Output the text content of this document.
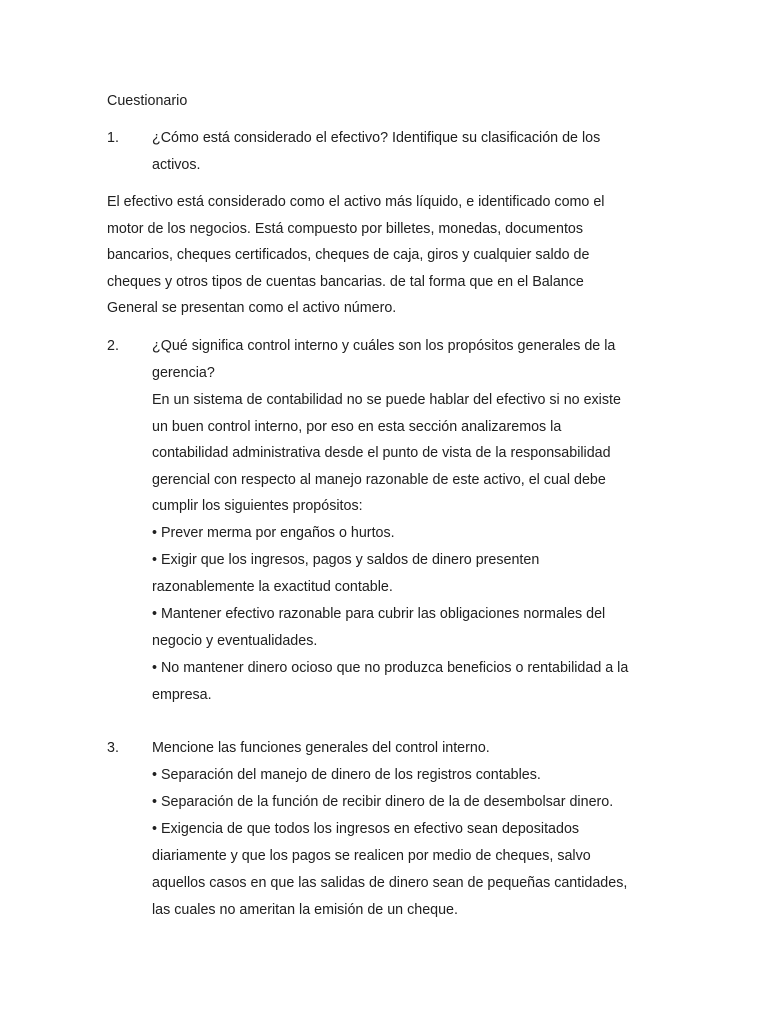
Cuestionario
1. ¿Cómo está considerado el efectivo? Identifique su clasificación de los
activos.
El efectivo está considerado como el activo más líquido, e identificado como el
motor de los negocios. Está compuesto por billetes, monedas, documentos
bancarios, cheques certificados, cheques de caja, giros y cualquier saldo de
cheques y otros tipos de cuentas bancarias. de tal forma que en el Balance
General se presentan como el activo número.
2. ¿Qué significa control interno y cuáles son los propósitos generales de la
gerencia?
En un sistema de contabilidad no se puede hablar del efectivo si no existe
un buen control interno, por eso en esta sección analizaremos la
contabilidad administrativa desde el punto de vista de la responsabilidad
gerencial con respecto al manejo razonable de este activo, el cual debe
cumplir los siguientes propósitos:
• Prever merma por engaños o hurtos.
• Exigir que los ingresos, pagos y saldos de dinero presenten
razonablemente la exactitud contable.
• Mantener efectivo razonable para cubrir las obligaciones normales del
negocio y eventualidades.
• No mantener dinero ocioso que no produzca beneficios o rentabilidad a la
empresa.
3. Mencione las funciones generales del control interno.
• Separación del manejo de dinero de los registros contables.
• Separación de la función de recibir dinero de la de desembolsar dinero.
• Exigencia de que todos los ingresos en efectivo sean depositados
diariamente y que los pagos se realicen por medio de cheques, salvo
aquellos casos en que las salidas de dinero sean de pequeñas cantidades,
las cuales no ameritan la emisión de un cheque.
